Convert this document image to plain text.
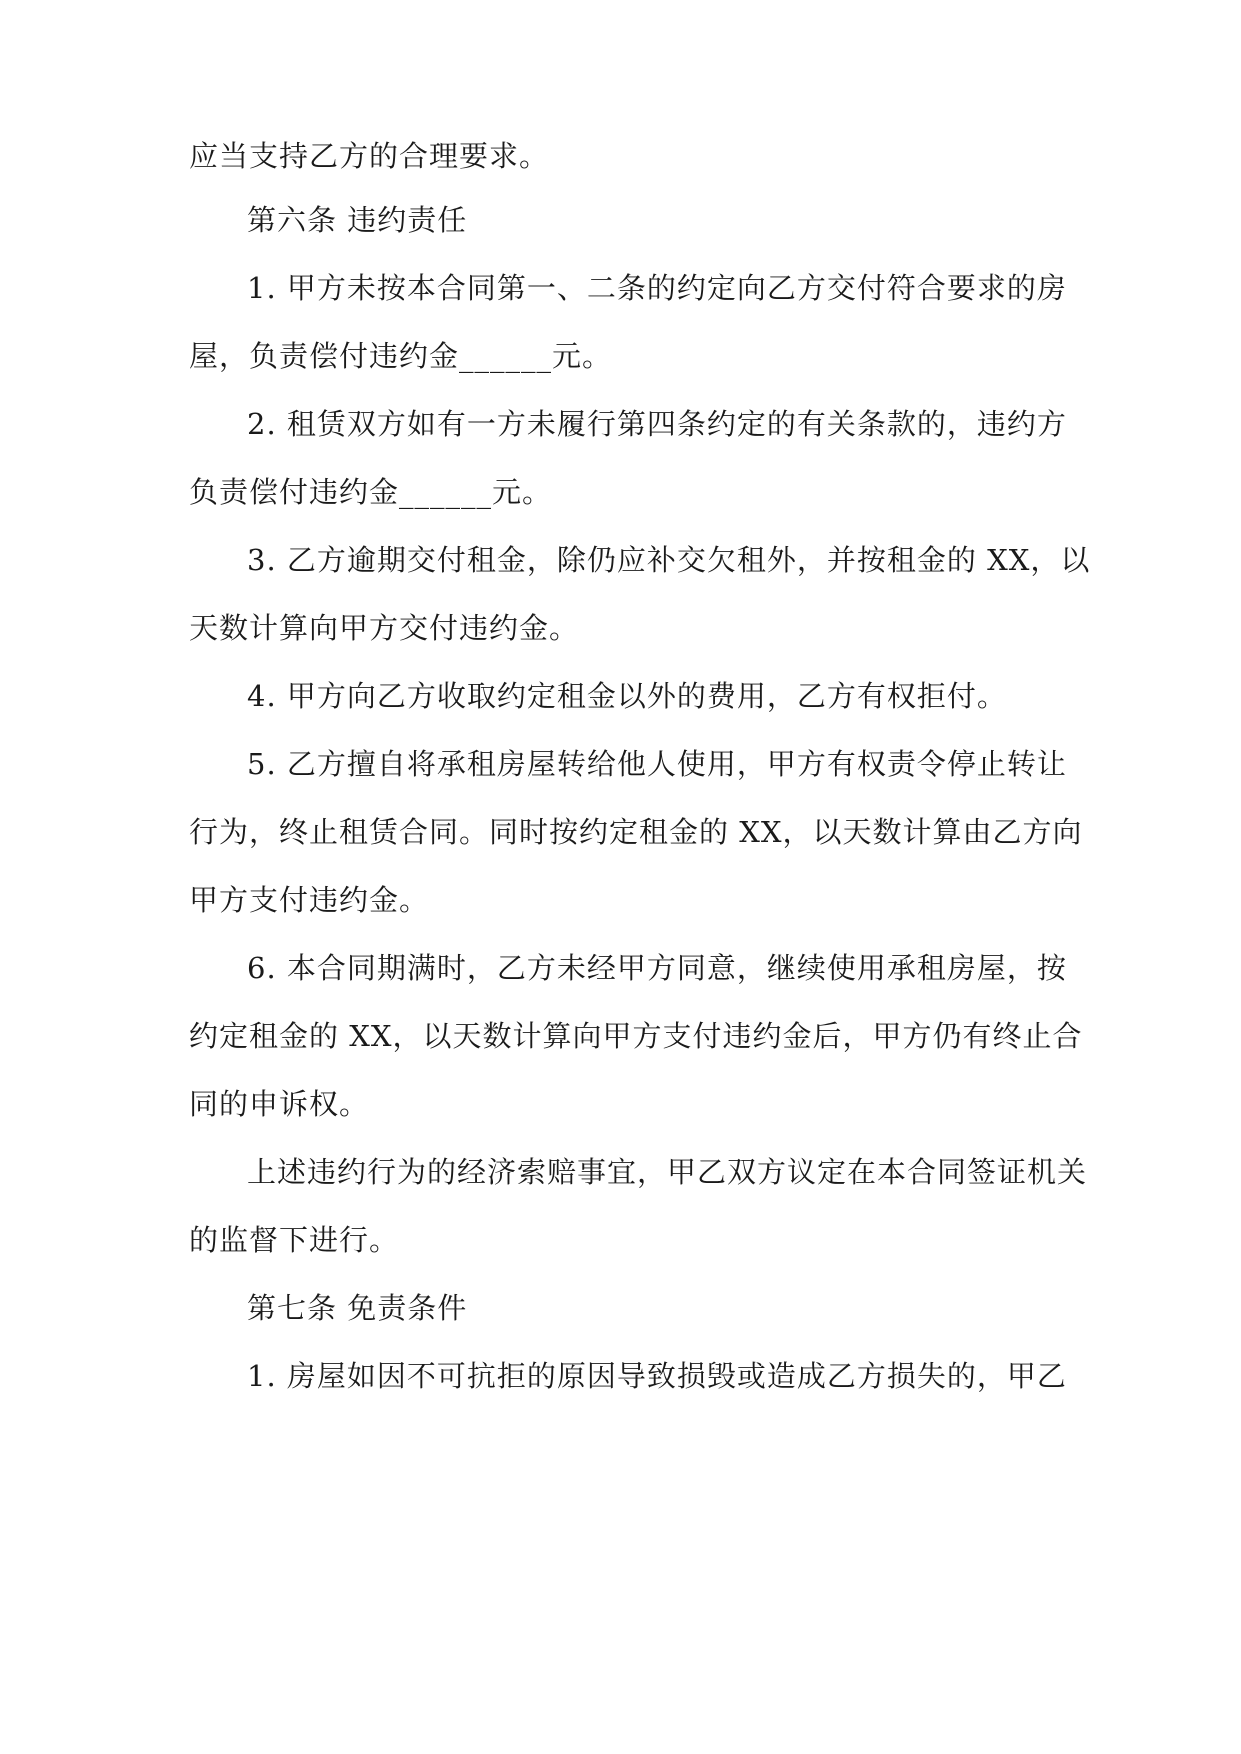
应当支持乙方的合理要求。
第六条 违约责任
1. 甲方未按本合同第一、二条的约定向乙方交付符合要求的房
屋，负责偿付违约金______元。
2. 租赁双方如有一方未履行第四条约定的有关条款的，违约方
负责偿付违约金______元。
3. 乙方逾期交付租金，除仍应补交欠租外，并按租金的 XX，以
天数计算向甲方交付违约金。
4. 甲方向乙方收取约定租金以外的费用，乙方有权拒付。
5. 乙方擅自将承租房屋转给他人使用，甲方有权责令停止转让
行为，终止租赁合同。同时按约定租金的 XX，以天数计算由乙方向
甲方支付违约金。
6. 本合同期满时，乙方未经甲方同意，继续使用承租房屋，按
约定租金的 XX，以天数计算向甲方支付违约金后，甲方仍有终止合
同的申诉权。
上述违约行为的经济索赔事宜，甲乙双方议定在本合同签证机关
的监督下进行。
第七条 免责条件
1. 房屋如因不可抗拒的原因导致损毁或造成乙方损失的，甲乙
